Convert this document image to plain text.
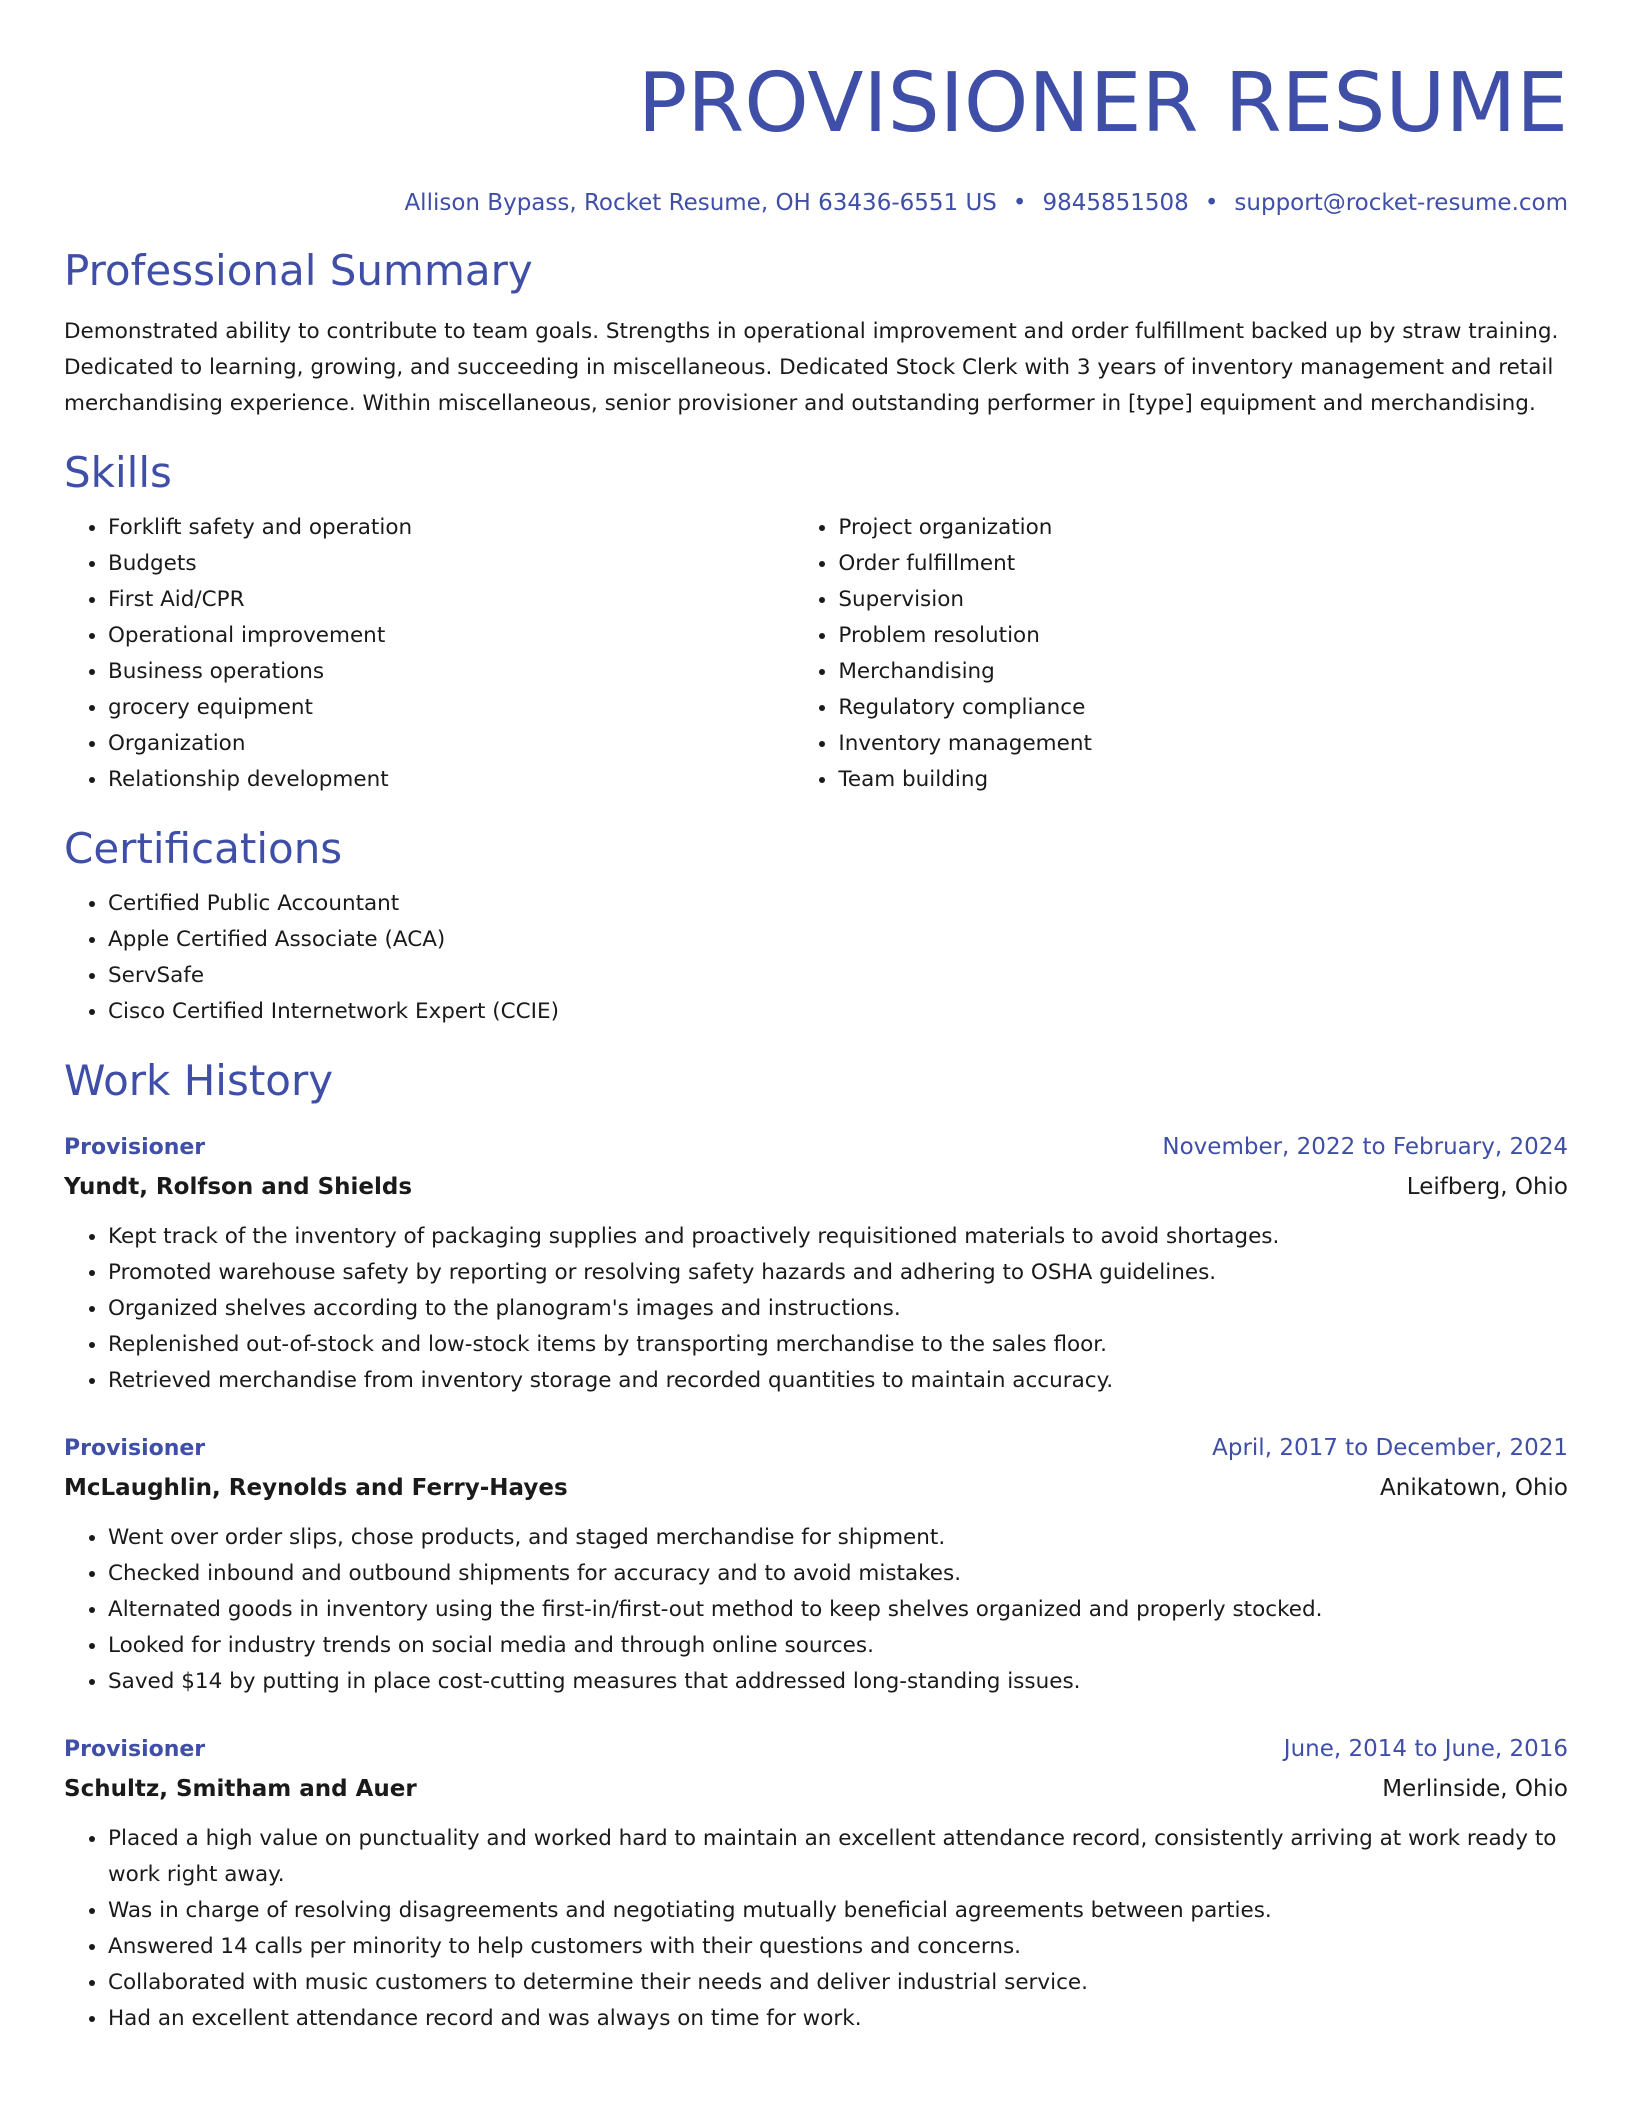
PROVISIONER RESUME
Allison Bypass, Rocket Resume, OH 63436-6551 US • 9845851508 • support@rocket-resume.com
Professional Summary
Demonstrated ability to contribute to team goals. Strengths in operational improvement and order fulfillment backed up by straw training. Dedicated to learning, growing, and succeeding in miscellaneous. Dedicated Stock Clerk with 3 years of inventory management and retail merchandising experience. Within miscellaneous, senior provisioner and outstanding performer in [type] equipment and merchandising.
Skills
• Forklift safety and operation
• Budgets
• First Aid/CPR
• Operational improvement
• Business operations
• grocery equipment
• Organization
• Relationship development
• Project organization
• Order fulfillment
• Supervision
• Problem resolution
• Merchandising
• Regulatory compliance
• Inventory management
• Team building
Certifications
• Certified Public Accountant
• Apple Certified Associate (ACA)
• ServSafe
• Cisco Certified Internetwork Expert (CCIE)
Work History
Provisioner	November, 2022 to February, 2024
Yundt, Rolfson and Shields	Leifberg, Ohio
• Kept track of the inventory of packaging supplies and proactively requisitioned materials to avoid shortages.
• Promoted warehouse safety by reporting or resolving safety hazards and adhering to OSHA guidelines.
• Organized shelves according to the planogram's images and instructions.
• Replenished out-of-stock and low-stock items by transporting merchandise to the sales floor.
• Retrieved merchandise from inventory storage and recorded quantities to maintain accuracy.
Provisioner	April, 2017 to December, 2021
McLaughlin, Reynolds and Ferry-Hayes	Anikatown, Ohio
• Went over order slips, chose products, and staged merchandise for shipment.
• Checked inbound and outbound shipments for accuracy and to avoid mistakes.
• Alternated goods in inventory using the first-in/first-out method to keep shelves organized and properly stocked.
• Looked for industry trends on social media and through online sources.
• Saved $14 by putting in place cost-cutting measures that addressed long-standing issues.
Provisioner	June, 2014 to June, 2016
Schultz, Smitham and Auer	Merlinside, Ohio
• Placed a high value on punctuality and worked hard to maintain an excellent attendance record, consistently arriving at work ready to work right away.
• Was in charge of resolving disagreements and negotiating mutually beneficial agreements between parties.
• Answered 14 calls per minority to help customers with their questions and concerns.
• Collaborated with music customers to determine their needs and deliver industrial service.
• Had an excellent attendance record and was always on time for work.
